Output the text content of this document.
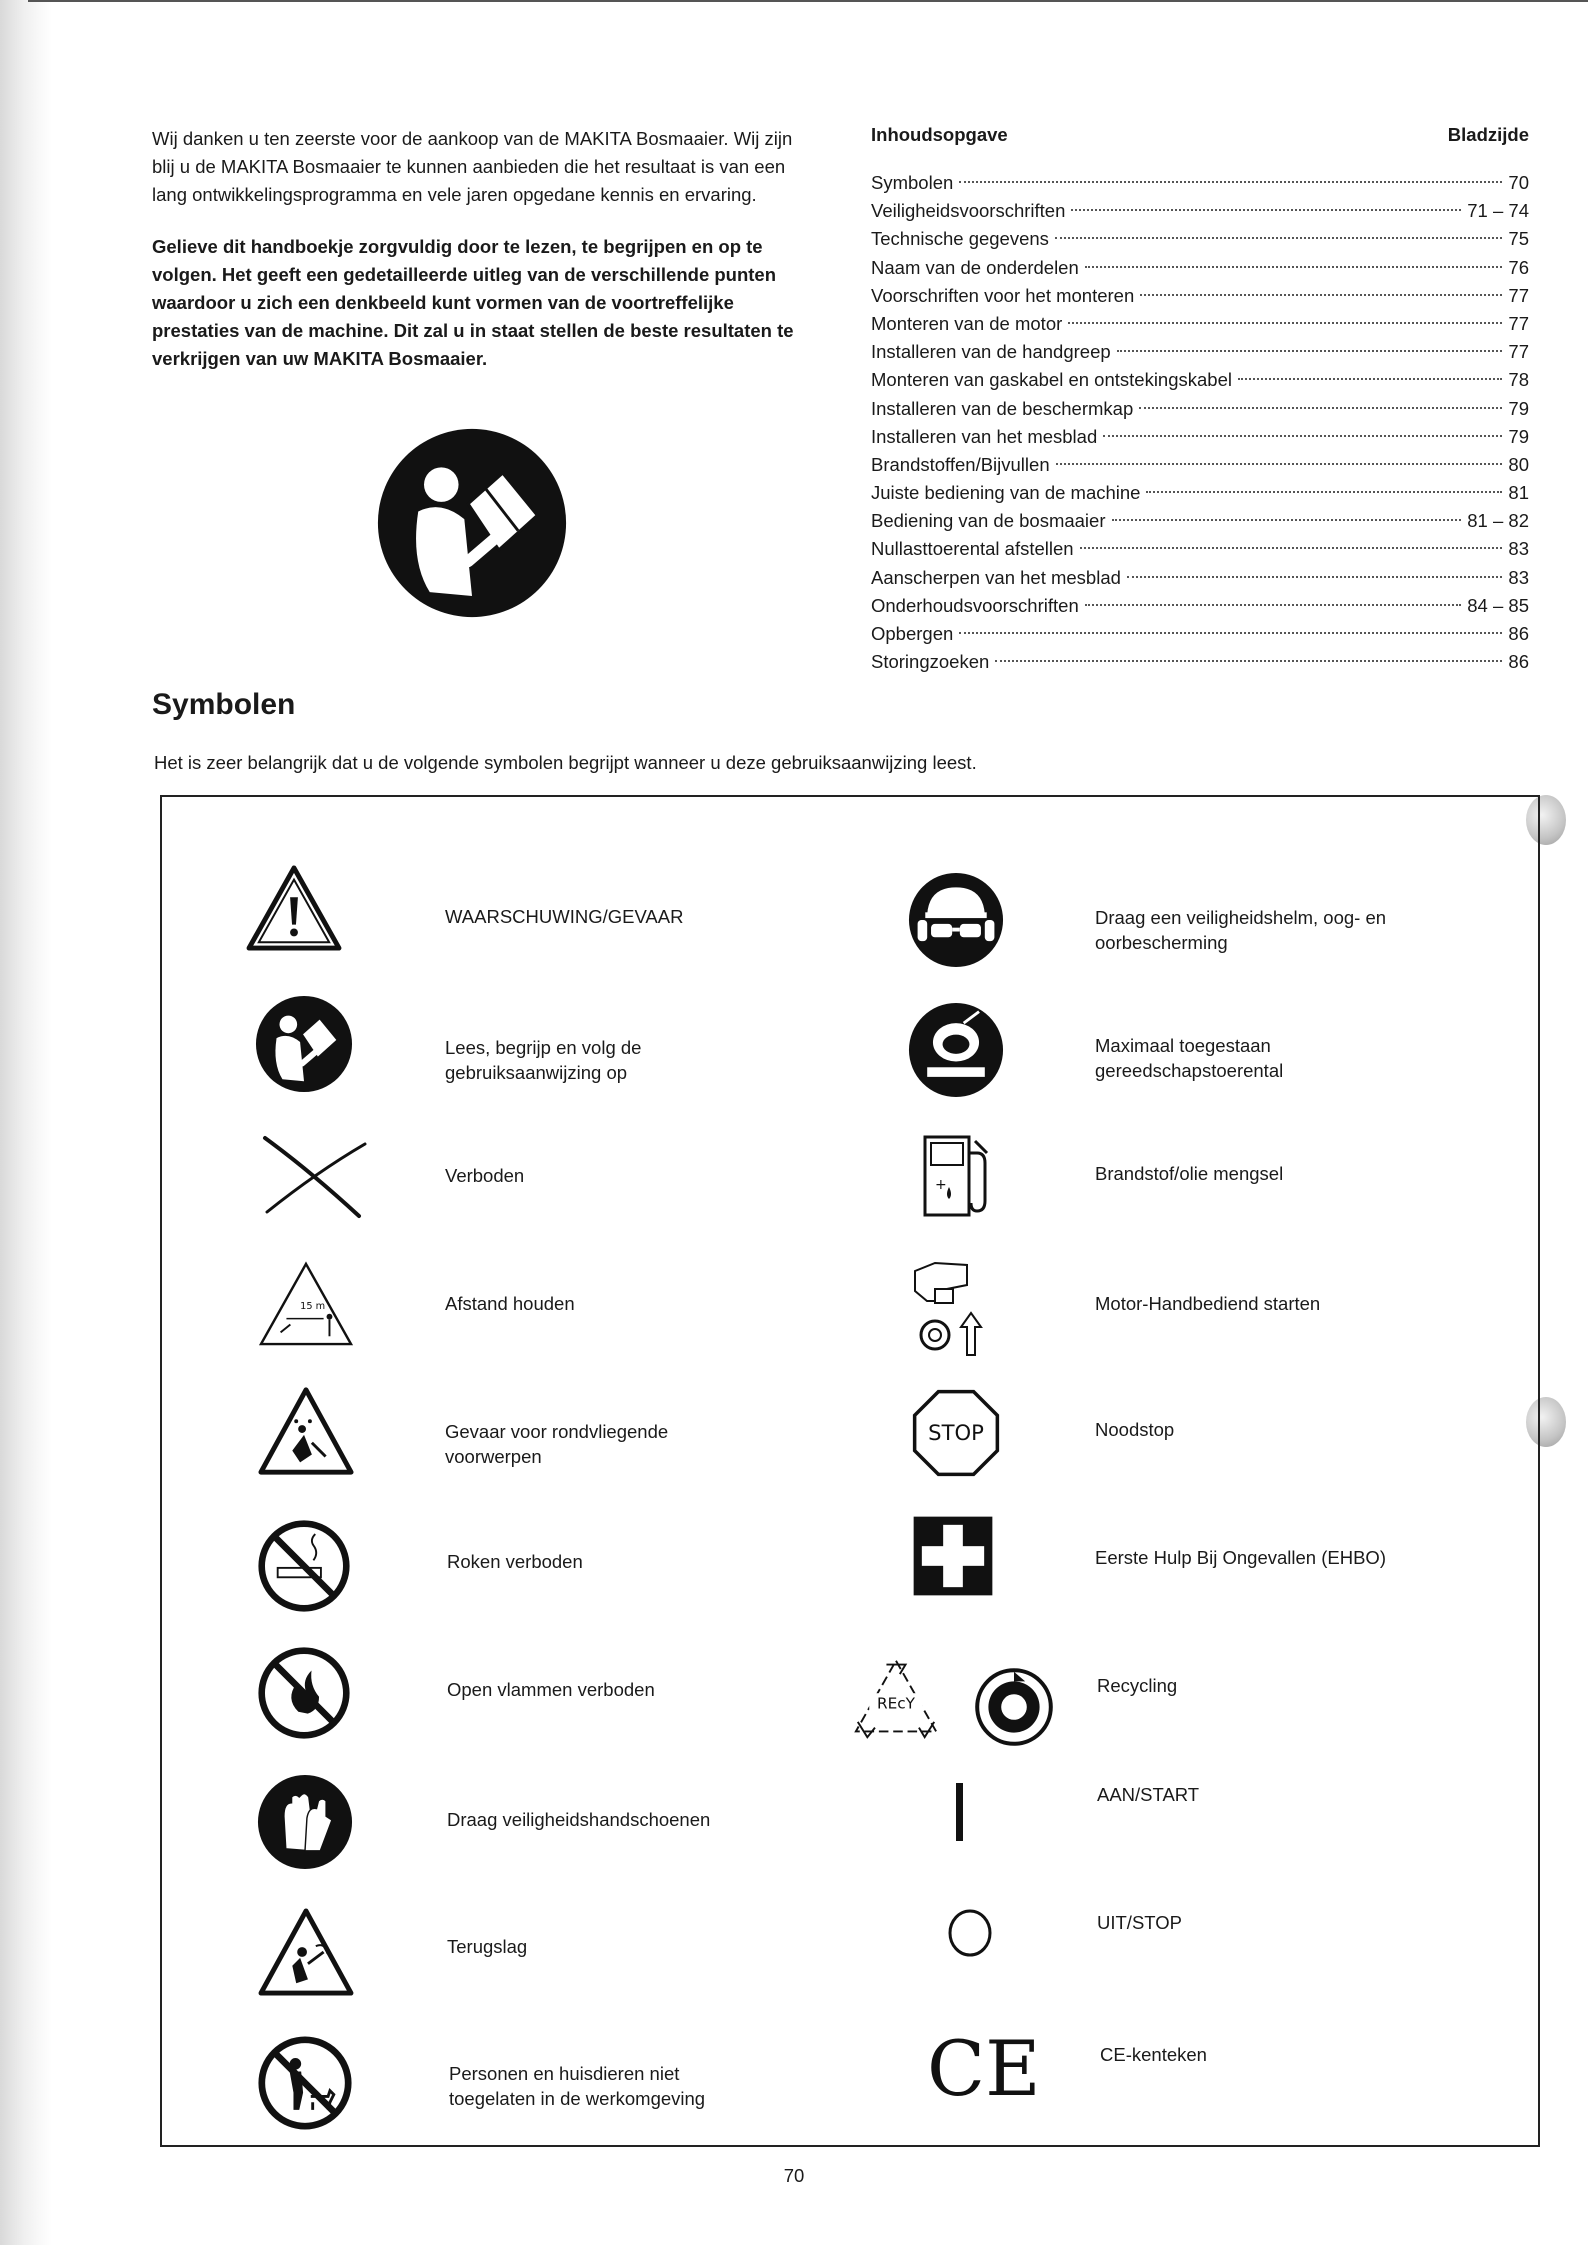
Wij danken u ten zeerste voor de aankoop van de MAKITA Bosmaaier. Wij zijn blij u de MAKITA Bosmaaier te kunnen aanbieden die het resultaat is van een lang ontwikkelingsprogramma en vele jaren opgedane kennis en ervaring.

Gelieve dit handboekje zorgvuldig door te lezen, te begrijpen en op te volgen. Het geeft een gedetailleerde uitleg van de verschillende punten waardoor u zich een denkbeeld kunt vormen van de voortreffelijke prestaties van de machine. Dit zal u in staat stellen de beste resultaten te verkrijgen van uw MAKITA Bosmaaier.

Inhoudsopgave	Bladzijde
Symbolen	70
Veiligheidsvoorschriften	71 – 74
Technische gegevens	75
Naam van de onderdelen	76
Voorschriften voor het monteren	77
Monteren van de motor	77
Installeren van de handgreep	77
Monteren van gaskabel en ontstekingskabel	78
Installeren van de beschermkap	79
Installeren van het mesblad	79
Brandstoffen/Bijvullen	80
Juiste bediening van de machine	81
Bediening van de bosmaaier	81 – 82
Nullasttoerental afstellen	83
Aanscherpen van het mesblad	83
Onderhoudsvoorschriften	84 – 85
Opbergen	86
Storingzoeken	86
Symbolen

Het is zeer belangrijk dat u de volgende symbolen begrijpt wanneer u deze gebruiksaanwijzing leest.

WAARSCHUWING/GEVAAR

Lees, begrijp en volg de gebruiksaanwijzing op

Verboden

15 m	Afstand houden

Gevaar voor rondvliegende voorwerpen

Roken verboden

Open vlammen verboden

Draag veiligheidshandschoenen

Terugslag

Personen en huisdieren niet toegelaten in de werkomgeving

Draag een veiligheidshelm, oog- en oorbescherming

Maximaal toegestaan gereedschapstoerental

+

Brandstof/olie mengsel

Motor-Handbediend starten

STOP	Noodstop

Eerste Hulp Bij Ongevallen (EHBO)

REcY

Recycling

AAN/START

UIT/STOP

CE	CE-kenteken

70
